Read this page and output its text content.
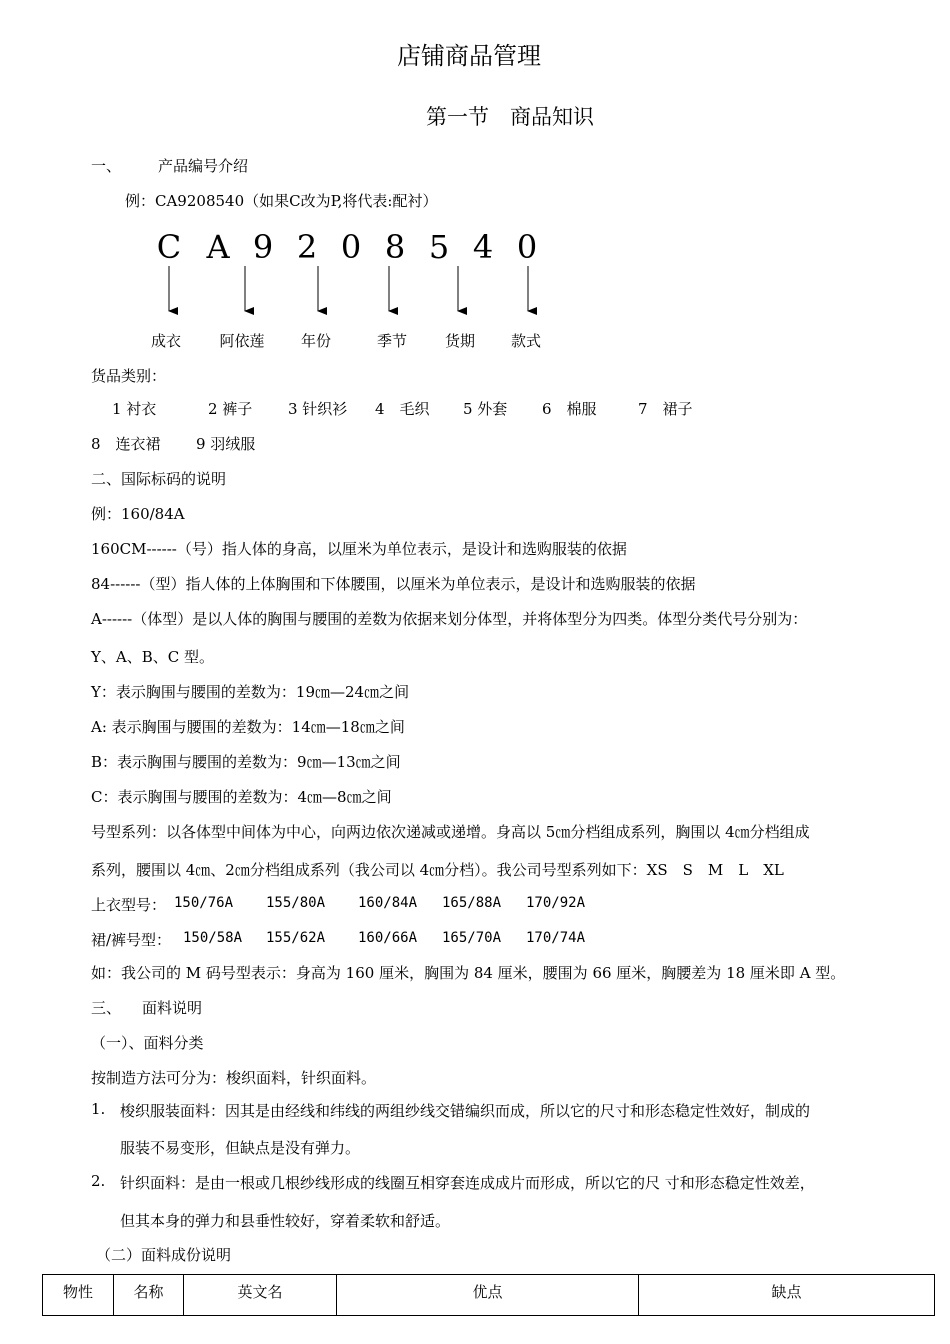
店铺商品管理
第一节　商品知识
一、 产品编号介绍
例：CA9208540（如果C改为P,将代表:配衬）
C A 9 2 0 8 5 4 0
成衣	阿依莲	年份	季节	货期	款式
货品类别：
1 衬衣	2 裤子 3 针织衫 4　毛织 5 外套 6　棉服	7　裙子
8　连衣裙 9 羽绒服
二、国际标码的说明
例：160/84A
160CM------（号）指人体的身高，以厘米为单位表示，是设计和选购服装的依据
84------（型）指人体的上体胸围和下体腰围，以厘米为单位表示，是设计和选购服装的依据
A------（体型）是以人体的胸围与腰围的差数为依据来划分体型，并将体型分为四类。体型分类代号分别为：
Y、A、B、C 型。
Y：表示胸围与腰围的差数为：19㎝—24㎝之间
A: 表示胸围与腰围的差数为：14㎝—18㎝之间
B：表示胸围与腰围的差数为：9㎝—13㎝之间
C：表示胸围与腰围的差数为：4㎝—8㎝之间
号型系列：以各体型中间体为中心，向两边依次递减或递增。身高以 5㎝分档组成系列，胸围以 4㎝分档组成
系列，腰围以 4㎝、2㎝分档组成系列（我公司以 4㎝分档）。我公司号型系列如下：XS　S　M　L　XL
上衣型号： 150/76A 155/80A 160/84A 165/88A 170/92A
裙/裤号型： 150/58A 155/62A 160/66A 165/70A 170/74A
如：我公司的 M 码号型表示：身高为 160 厘米，胸围为 84 厘米，腰围为 66 厘米，胸腰差为 18 厘米即 A 型。
三、 面料说明
（一）、面料分类
按制造方法可分为：梭织面料，针织面料。
1. 梭织服装面料：因其是由经线和纬线的两组纱线交错编织而成，所以它的尺寸和形态稳定性效好，制成的
服装不易变形，但缺点是没有弹力。
2. 针织面料：是由一根或几根纱线形成的线圈互相穿套连成成片而形成，所以它的尺 寸和形态稳定性效差，
但其本身的弹力和县垂性较好，穿着柔软和舒适。
（二）面料成份说明
物性	名称	英文名	优点	缺点
